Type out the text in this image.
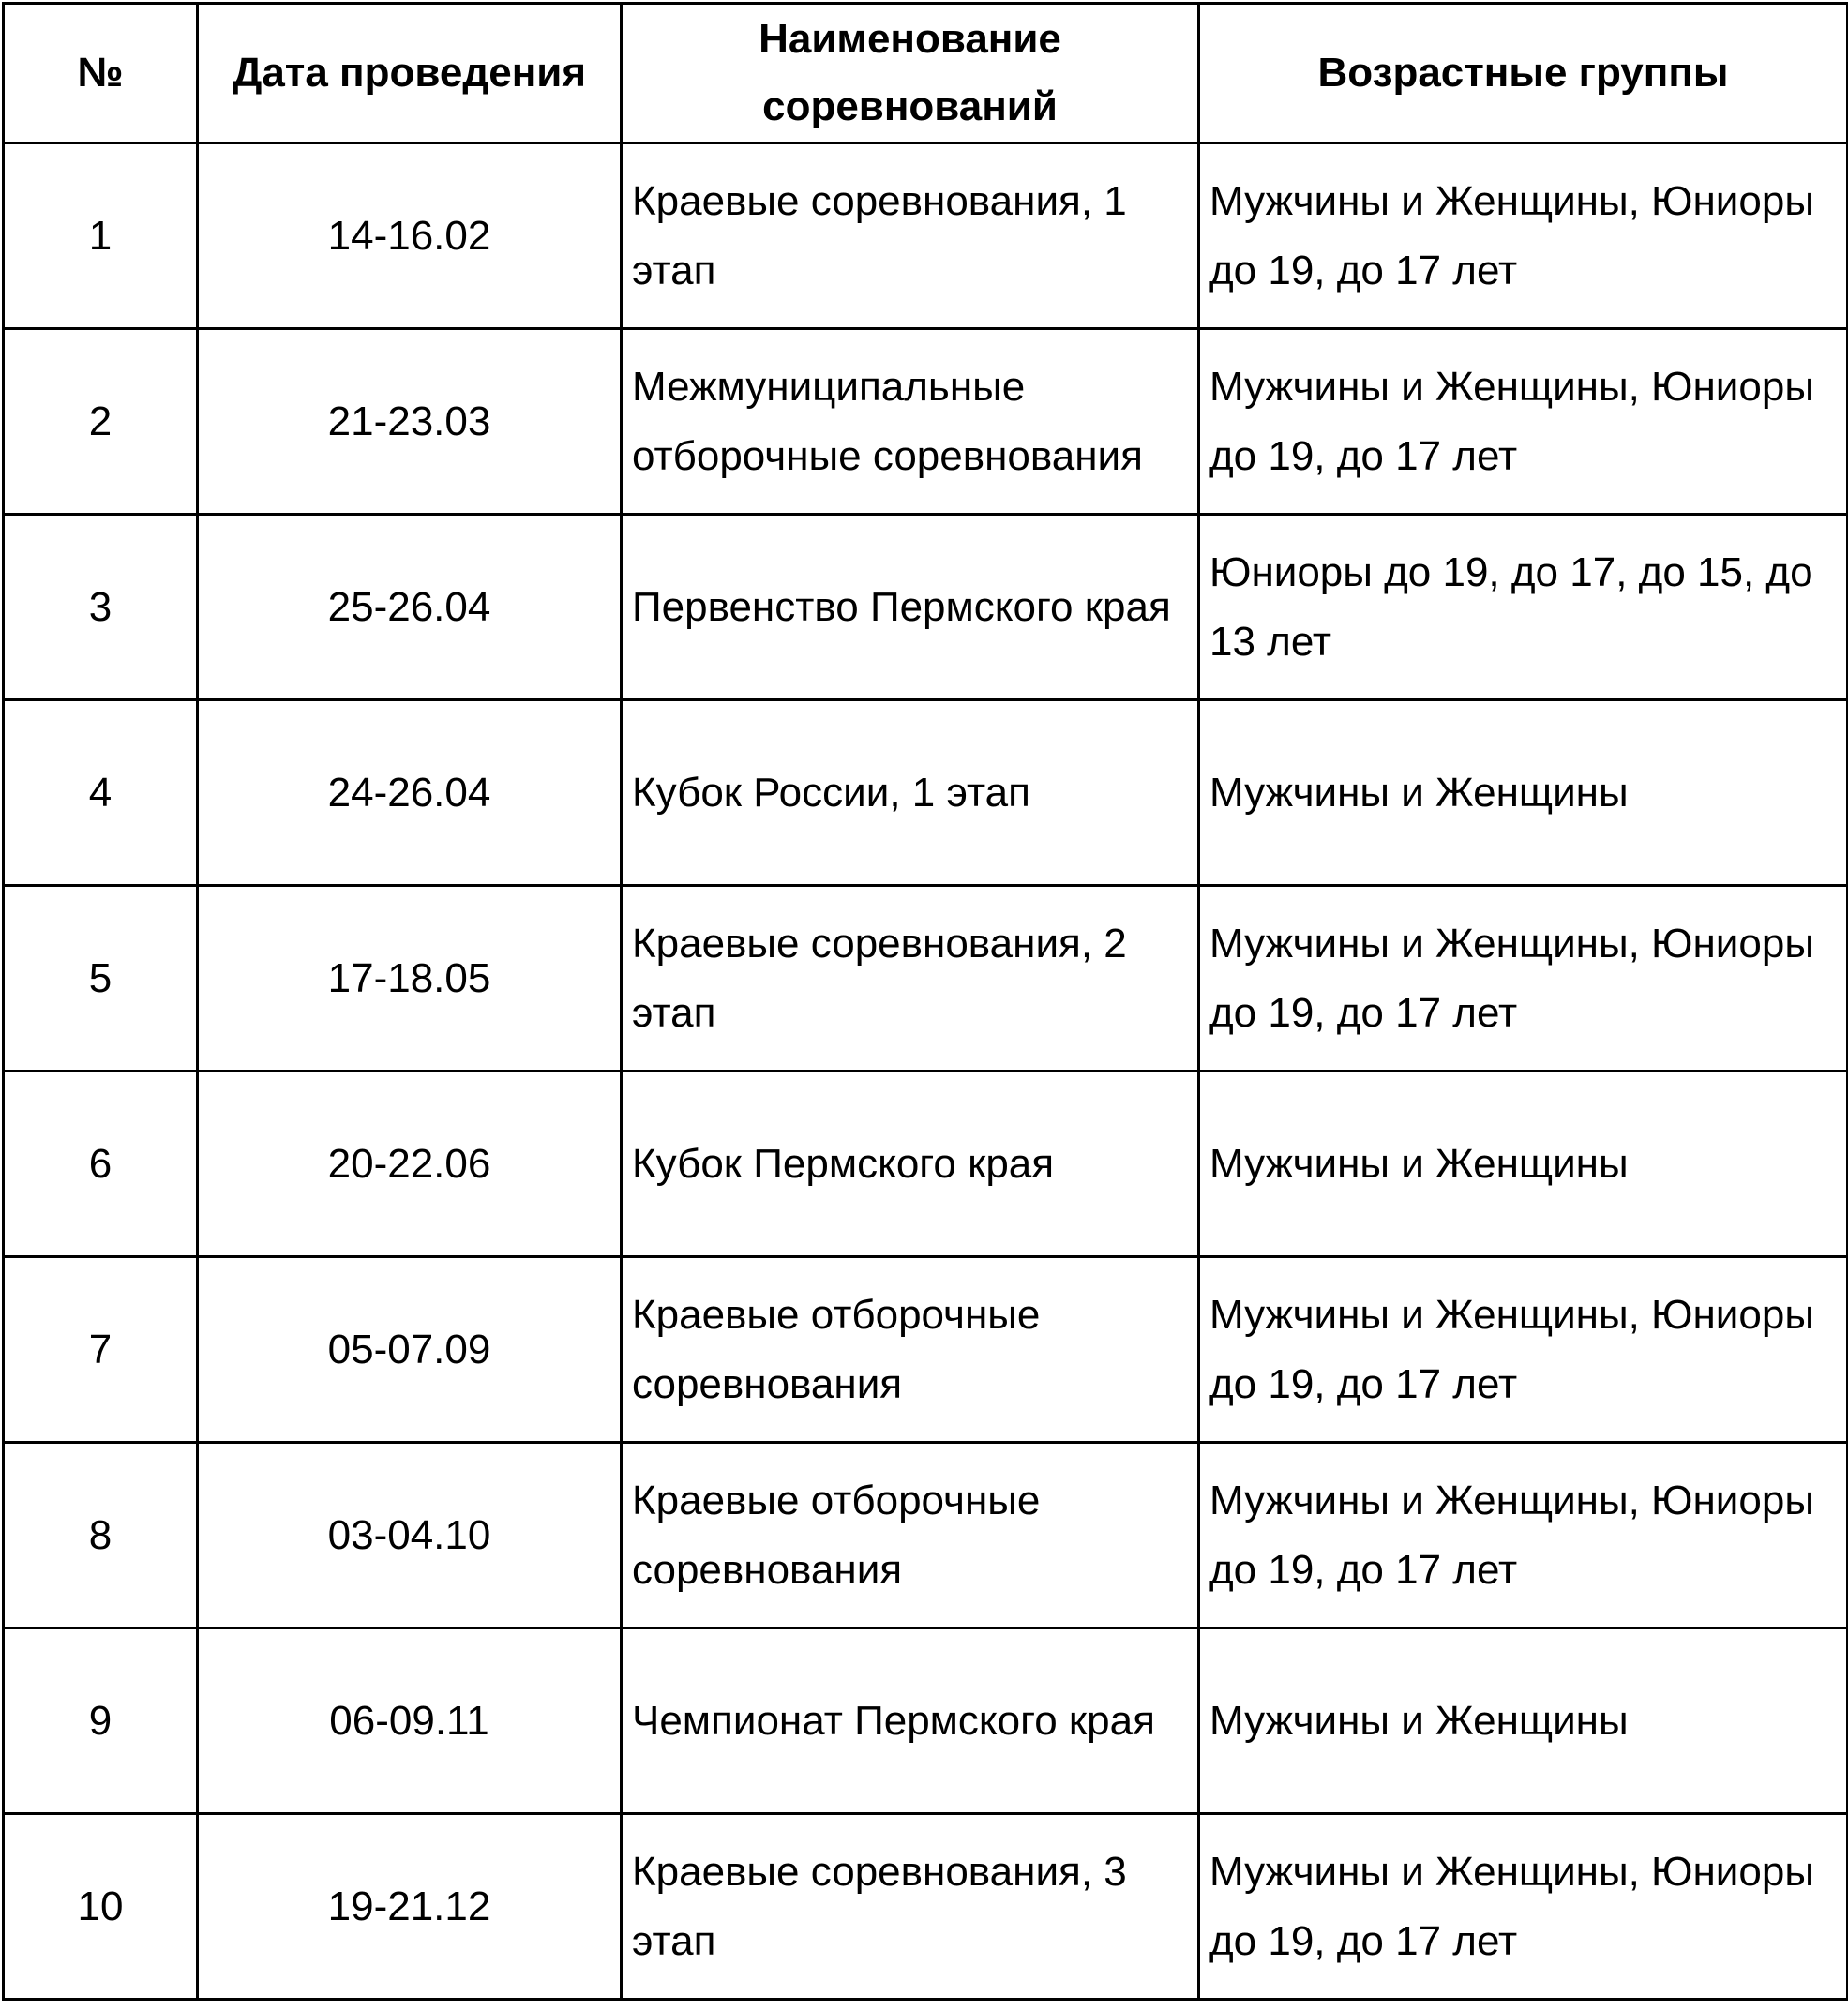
№	Дата проведения	Наименование соревнований	Возрастные группы

1	14-16.02	Краевые соревнования, 1 этап	Мужчины и Женщины, Юниоры до 19, до 17 лет

2	21-23.03	Межмуниципальные отборочные соревнования	Мужчины и Женщины, Юниоры до 19, до 17 лет

3	25-26.04	Первенство Пермского края	Юниоры до 19, до 17, до 15, до 13 лет

4	24-26.04	Кубок России, 1 этап	Мужчины и Женщины

5	17-18.05	Краевые соревнования, 2 этап	Мужчины и Женщины, Юниоры до 19, до 17 лет

6	20-22.06	Кубок Пермского края	Мужчины и Женщины

7	05-07.09	Краевые отборочные соревнования	Мужчины и Женщины, Юниоры до 19, до 17 лет

8	03-04.10	Краевые отборочные соревнования	Мужчины и Женщины, Юниоры до 19, до 17 лет

9	06-09.11	Чемпионат Пермского края	Мужчины и Женщины

10	19-21.12	Краевые соревнования, 3 этап	Мужчины и Женщины, Юниоры до 19, до 17 лет
